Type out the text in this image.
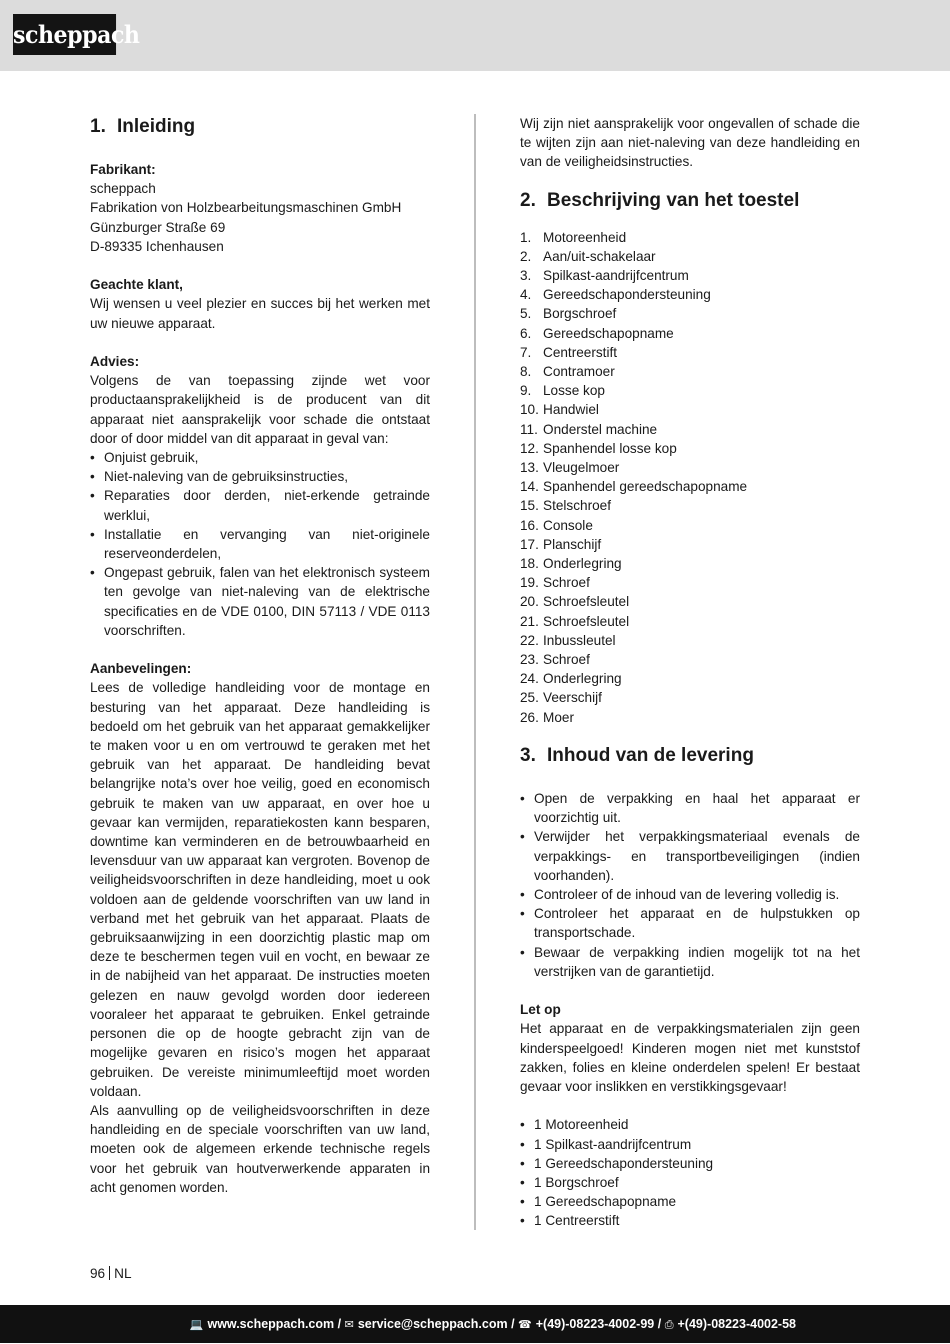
scheppach
1. Inleiding

Fabrikant:

scheppach

Fabrikation von Holzbearbeitungsmaschinen GmbH

Günzburger Straße 69

D-89335 Ichenhausen

Geachte klant,

Wij wensen u veel plezier en succes bij het werken met uw nieuwe apparaat.

Advies:

Volgens de van toepassing zijnde wet voor productaansprakelijkheid is de producent van dit apparaat niet aansprakelijk voor schade die ontstaat door of door middel van dit apparaat in geval van:

• Onjuist gebruik,
• Niet-naleving van de gebruiksinstructies,
• Reparaties door derden, niet-erkende getrainde werklui,
• Installatie en vervanging van niet-originele reserveonderdelen,
• Ongepast gebruik, falen van het elektronisch systeem ten gevolge van niet-naleving van de elektrische specificaties en de VDE 0100, DIN 57113 / VDE 0113 voorschriften.

Aanbevelingen:

Lees de volledige handleiding voor de montage en besturing van het apparaat. Deze handleiding is bedoeld om het gebruik van het apparaat gemakkelijker te maken voor u en om vertrouwd te geraken met het gebruik van het apparaat. De handleiding bevat belangrijke nota’s over hoe veilig, goed en economisch gebruik te maken van uw apparaat, en over hoe u gevaar kan vermijden, reparatiekosten kann besparen, downtime kan verminderen en de betrouwbaarheid en levensduur van uw apparaat kan vergroten. Bovenop de veiligheidsvoorschriften in deze handleiding, moet u ook voldoen aan de geldende voorschriften van uw land in verband met het gebruik van het apparaat. Plaats de gebruiksaanwijzing in een doorzichtig plastic map om deze te beschermen tegen vuil en vocht, en bewaar ze in de nabijheid van het apparaat. De instructies moeten gelezen en nauw gevolgd worden door iedereen vooraleer het apparaat te gebruiken. Enkel getrainde personen die op de hoogte gebracht zijn van de mogelijke gevaren en risico’s mogen het apparaat gebruiken. De vereiste minimumleeftijd moet worden voldaan.

Als aanvulling op de veiligheidsvoorschriften in deze handleiding en de speciale voorschriften van uw land, moeten ook de algemeen erkende technische regels voor het gebruik van houtverwerkende apparaten in acht genomen worden.

Wij zijn niet aansprakelijk voor ongevallen of schade die te wijten zijn aan niet-naleving van deze handleiding en van de veiligheidsinstructies.

2. Beschrijving van het toestel
1. Motoreenheid
2. Aan/uit-schakelaar
3. Spilkast-aandrijfcentrum
4. Gereedschapondersteuning
5. Borgschroef
6. Gereedschapopname
7. Centreerstift
8. Contramoer
9. Losse kop
10. Handwiel
11. Onderstel machine
12. Spanhendel losse kop
13. Vleugelmoer
14. Spanhendel gereedschapopname
15. Stelschroef
16. Console
17. Planschijf
18. Onderlegring
19. Schroef
20. Schroefsleutel
21. Schroefsleutel
22. Inbussleutel
23. Schroef
24. Onderlegring
25. Veerschijf
26. Moer
3. Inhoud van de levering
• Open de verpakking en haal het apparaat er voorzichtig uit.
• Verwijder het verpakkingsmateriaal evenals de verpakkings- en transportbeveiligingen (indien voorhanden).
• Controleer of de inhoud van de levering volledig is.
• Controleer het apparaat en de hulpstukken op transportschade.
• Bewaar de verpakking indien mogelijk tot na het verstrijken van de garantietijd.

Let op

Het apparaat en de verpakkingsmaterialen zijn geen kinderspeelgoed! Kinderen mogen niet met kunststof zakken, folies en kleine onderdelen spelen! Er bestaat gevaar voor inslikken en verstikkingsgevaar!

• 1 Motoreenheid
• 1 Spilkast-aandrijfcentrum
• 1 Gereedschapondersteuning
• 1 Borgschroef
• 1 Gereedschapopname
• 1 Centreerstift
96 NL
💻 www.scheppach.com / ✉ service@scheppach.com / ☎ +(49)-08223-4002-99 / ⎙ +(49)-08223-4002-58
